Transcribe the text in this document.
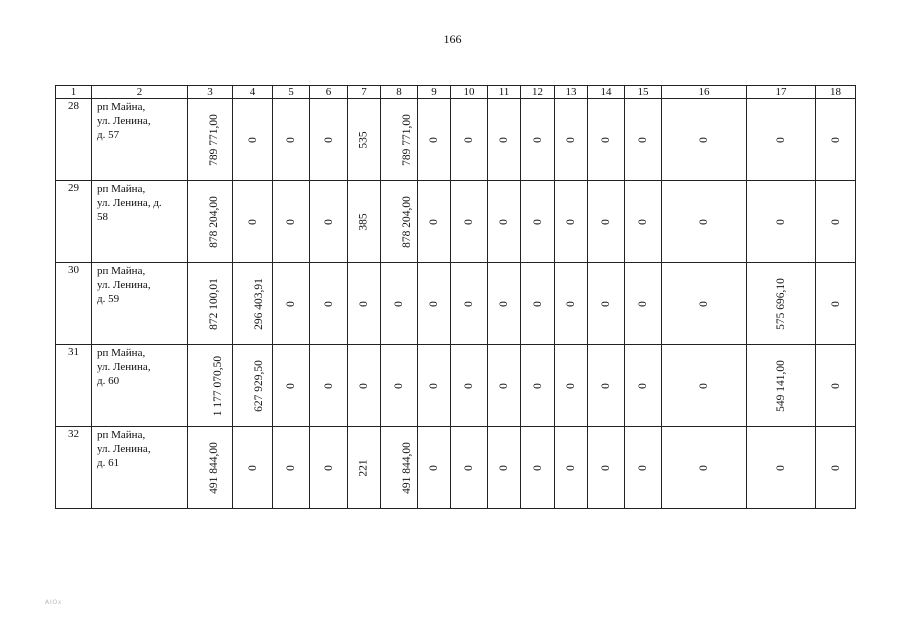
166
1	2	3	4	5	6	7	8	9	10	11	12	13	14	15	16	17	18
28	рп Майна,
ул. Ленина,
д. 57	789 771,00	0	0	0	535	789 771,00	0	0	0	0	0	0	0	0	0	0
29	рп Майна,
ул. Ленина, д.
58	878 204,00	0	0	0	385	878 204,00	0	0	0	0	0	0	0	0	0	0
30	рп Майна,
ул. Ленина,
д. 59	872 100,01	296 403,91	0	0	0	0	0	0	0	0	0	0	0	0	575 696,10	0
31	рп Майна,
ул. Ленина,
д. 60	1 177 070,50	627 929,50	0	0	0	0	0	0	0	0	0	0	0	0	549 141,00	0
32	рп Майна,
ул. Ленина,
д. 61	491 844,00	0	0	0	221	491 844,00	0	0	0	0	0	0	0	0	0	0
ᴬᴵᴼˣ
